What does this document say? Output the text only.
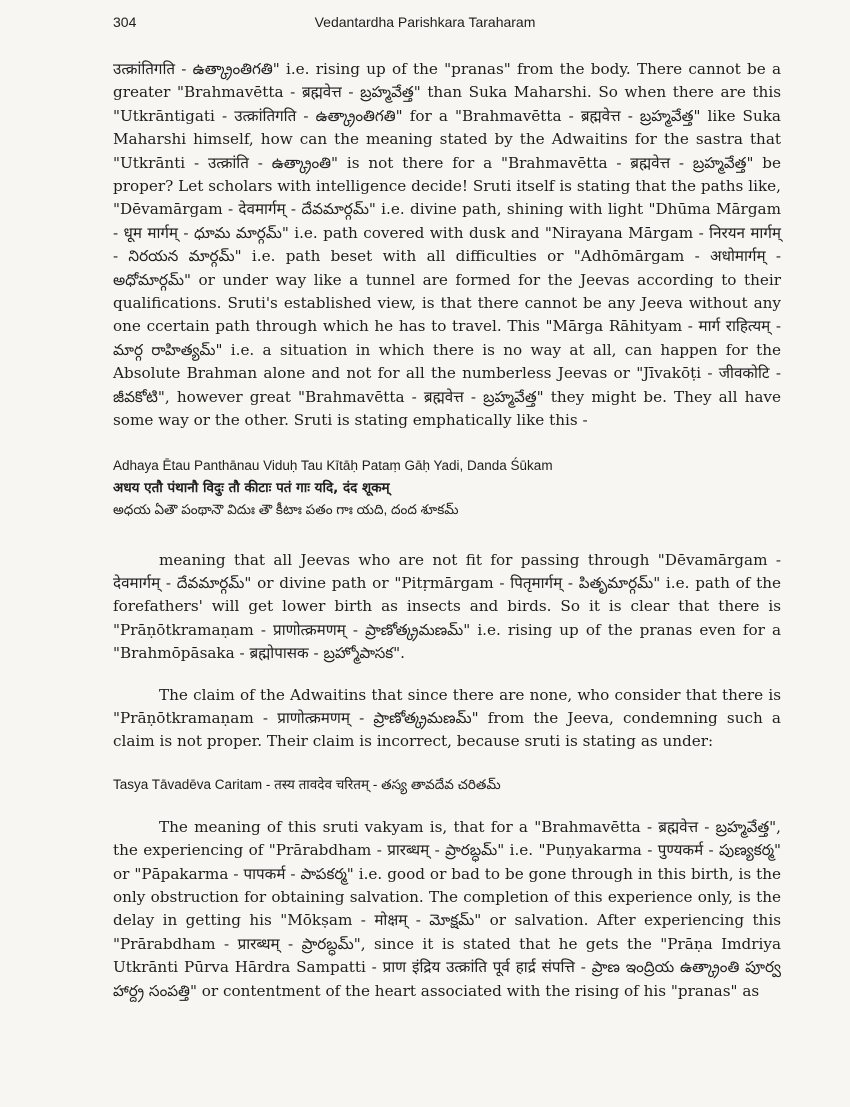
304	Vedantardha Parishkara Taraharam

उत्क्रांतिगति - ఉత్క్రాంతిగతి" i.e. rising up of the "pranas" from the body. There cannot be a greater "Brahmavētta - ब्रह्मवेत्त - బ్రహ్మవేత్త" than Suka Maharshi. So when there are this "Utkrāntigati - उत्क्रांतिगति - ఉత్క్రాంతిగతి" for a "Brahmavētta - ब्रह्मवेत्त - బ్రహ్మవేత్త" like Suka Maharshi himself, how can the meaning stated by the Adwaitins for the sastra that "Utkrānti - उत्क्रांति - ఉత్క్రాంతి" is not there for a "Brahmavētta - ब्रह्मवेत्त - బ్రహ్మవేత్త" be proper? Let scholars with intelligence decide! Sruti itself is stating that the paths like, "Dēvamārgam - देवमार्गम् - దేవమార్గమ్" i.e. divine path, shining with light "Dhūma Mārgam - धूम मार्गम् - ధూమ మార్గమ్" i.e. path covered with dusk and "Nirayana Mārgam - निरयन मार्गम् - నిరయన మార్గమ్" i.e. path beset with all difficulties or "Adhōmārgam - अधोमार्गम् - అధోమార్గమ్" or under way like a tunnel are formed for the Jeevas according to their qualifications. Sruti's established view, is that there cannot be any Jeeva without any one ccertain path through which he has to travel. This "Mārga Rāhityam - मार्ग राहित्यम् - మార్గ రాహిత్యమ్" i.e. a situation in which there is no way at all, can happen for the Absolute Brahman alone and not for all the numberless Jeevas or "Jīvakōṭi - जीवकोटि - జీవకోటి", however great "Brahmavētta - ब्रह्मवेत्त - బ్రహ్మవేత్త" they might be. They all have some way or the other. Sruti is stating emphatically like this -

Adhaya Ētau Panthānau Viduḥ Tau Kītāḥ Pataṃ Gāḥ Yadi, Danda Śūkam
अधय एतौ पंथानौ विदुः तौ कीटाः पतं गाः यदि, दंद शूकम्
అధయ ఏతౌ పంథానౌ విదుః తౌ కీటాః పతం గాః యది, దంద శూకమ్

meaning that all Jeevas who are not fit for passing through "Dēvamārgam - देवमार्गम् - దేవమార్గమ్" or divine path or "Pitṛmārgam - पितृमार्गम् - పితృమార్గమ్" i.e. path of the forefathers' will get lower birth as insects and birds. So it is clear that there is "Prāṇōtkramaṇam - प्राणोत्क्रमणम् - ప్రాణోత్క్రమణమ్" i.e. rising up of the pranas even for a "Brahmōpāsaka - ब्रह्मोपासक - బ్రహ్మోపాసక".

The claim of the Adwaitins that since there are none, who consider that there is "Prāṇōtkramaṇam - प्राणोत्क्रमणम् - ప్రాణోత్క్రమణమ్" from the Jeeva, condemning such a claim is not proper. Their claim is incorrect, because sruti is stating as under:

Tasya Tāvadēva Caritam - तस्य तावदेव चरितम् - తస్య తావదేవ చరితమ్

The meaning of this sruti vakyam is, that for a "Brahmavētta - ब्रह्मवेत्त - బ్రహ్మవేత్త", the experiencing of "Prārabdham - प्रारब्धम् - ప్రారబ్ధమ్" i.e. "Puṇyakarma - पुण्यकर्म - పుణ్యకర్మ" or "Pāpakarma - पापकर्म - పాపకర్మ" i.e. good or bad to be gone through in this birth, is the only obstruction for obtaining salvation. The completion of this experience only, is the delay in getting his "Mōkṣam - मोक्षम् - మోక్షమ్" or salvation. After experiencing this "Prārabdham - प्रारब्धम् - ప్రారబ్ధమ్", since it is stated that he gets the "Prāṇa Imdriya Utkrānti Pūrva Hārdra Sampatti - प्राण इंद्रिय उत्क्रांति पूर्व हार्द्र संपत्ति - ప్రాణ ఇంద్రియ ఉత్క్రాంతి పూర్వ హార్ద్ర సంపత్తి" or contentment of the heart associated with the rising of his "pranas" as
